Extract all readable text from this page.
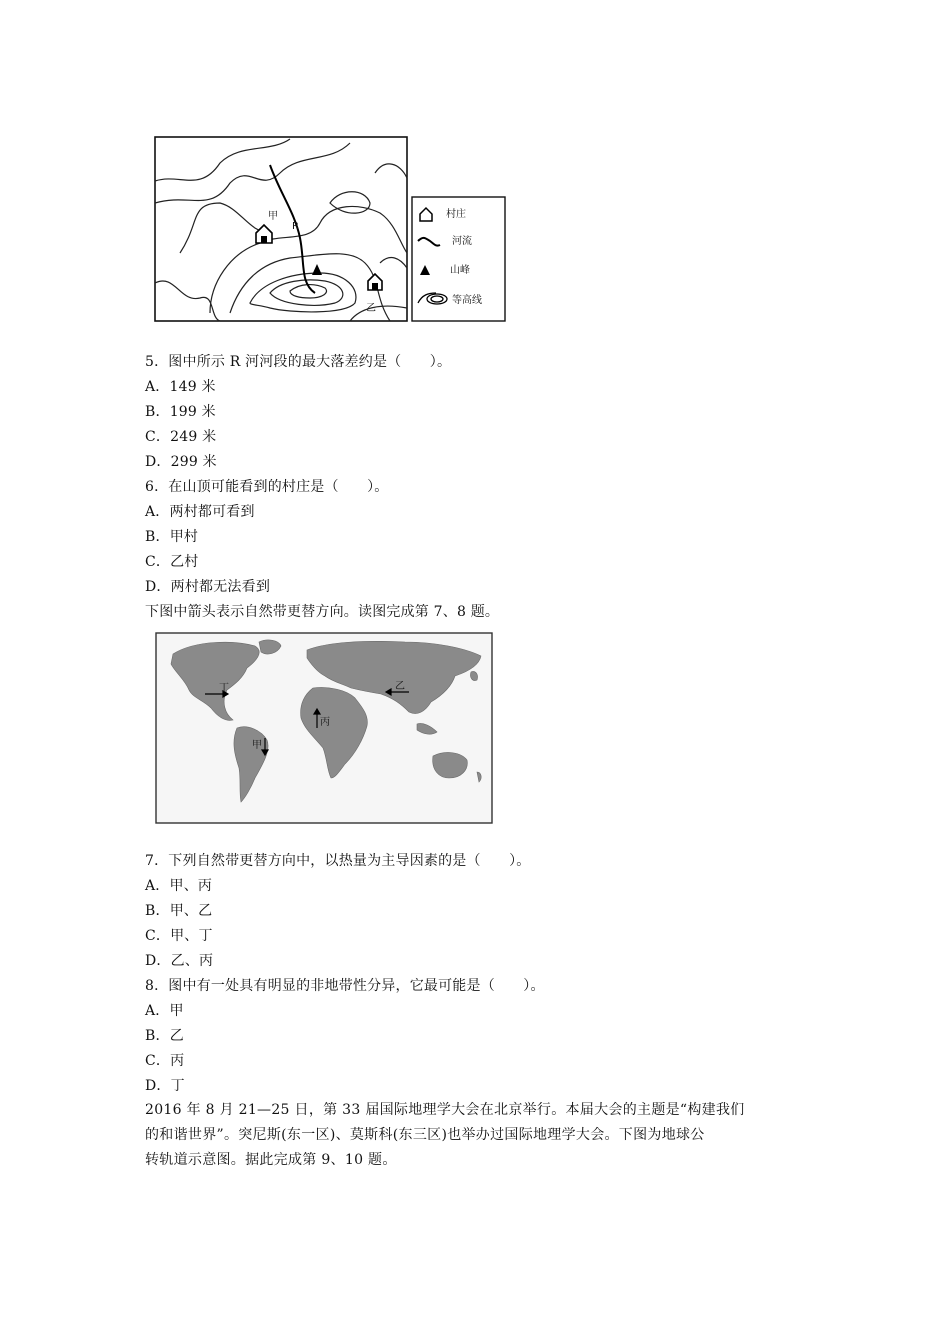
甲
R
乙
村庄
河流
山峰
等高线
5．图中所示 R 河河段的最大落差约是（　　）。
A．149 米
B．199 米
C．249 米
D．299 米
6．在山顶可能看到的村庄是（　　）。
A．两村都可看到
B．甲村
C．乙村
D．两村都无法看到
下图中箭头表示自然带更替方向。读图完成第 7、8 题。
丁	乙
丙
甲
7．下列自然带更替方向中，以热量为主导因素的是（　　）。
A．甲、丙
B．甲、乙
C．甲、丁
D．乙、丙
8．图中有一处具有明显的非地带性分异，它最可能是（　　）。
A．甲
B．乙
C．丙
D．丁
2016 年 8 月 21—25 日，第 33 届国际地理学大会在北京举行。本届大会的主题是“构建我们
的和谐世界”。突尼斯(东一区)、莫斯科(东三区)也举办过国际地理学大会。下图为地球公
转轨道示意图。据此完成第 9、10 题。
